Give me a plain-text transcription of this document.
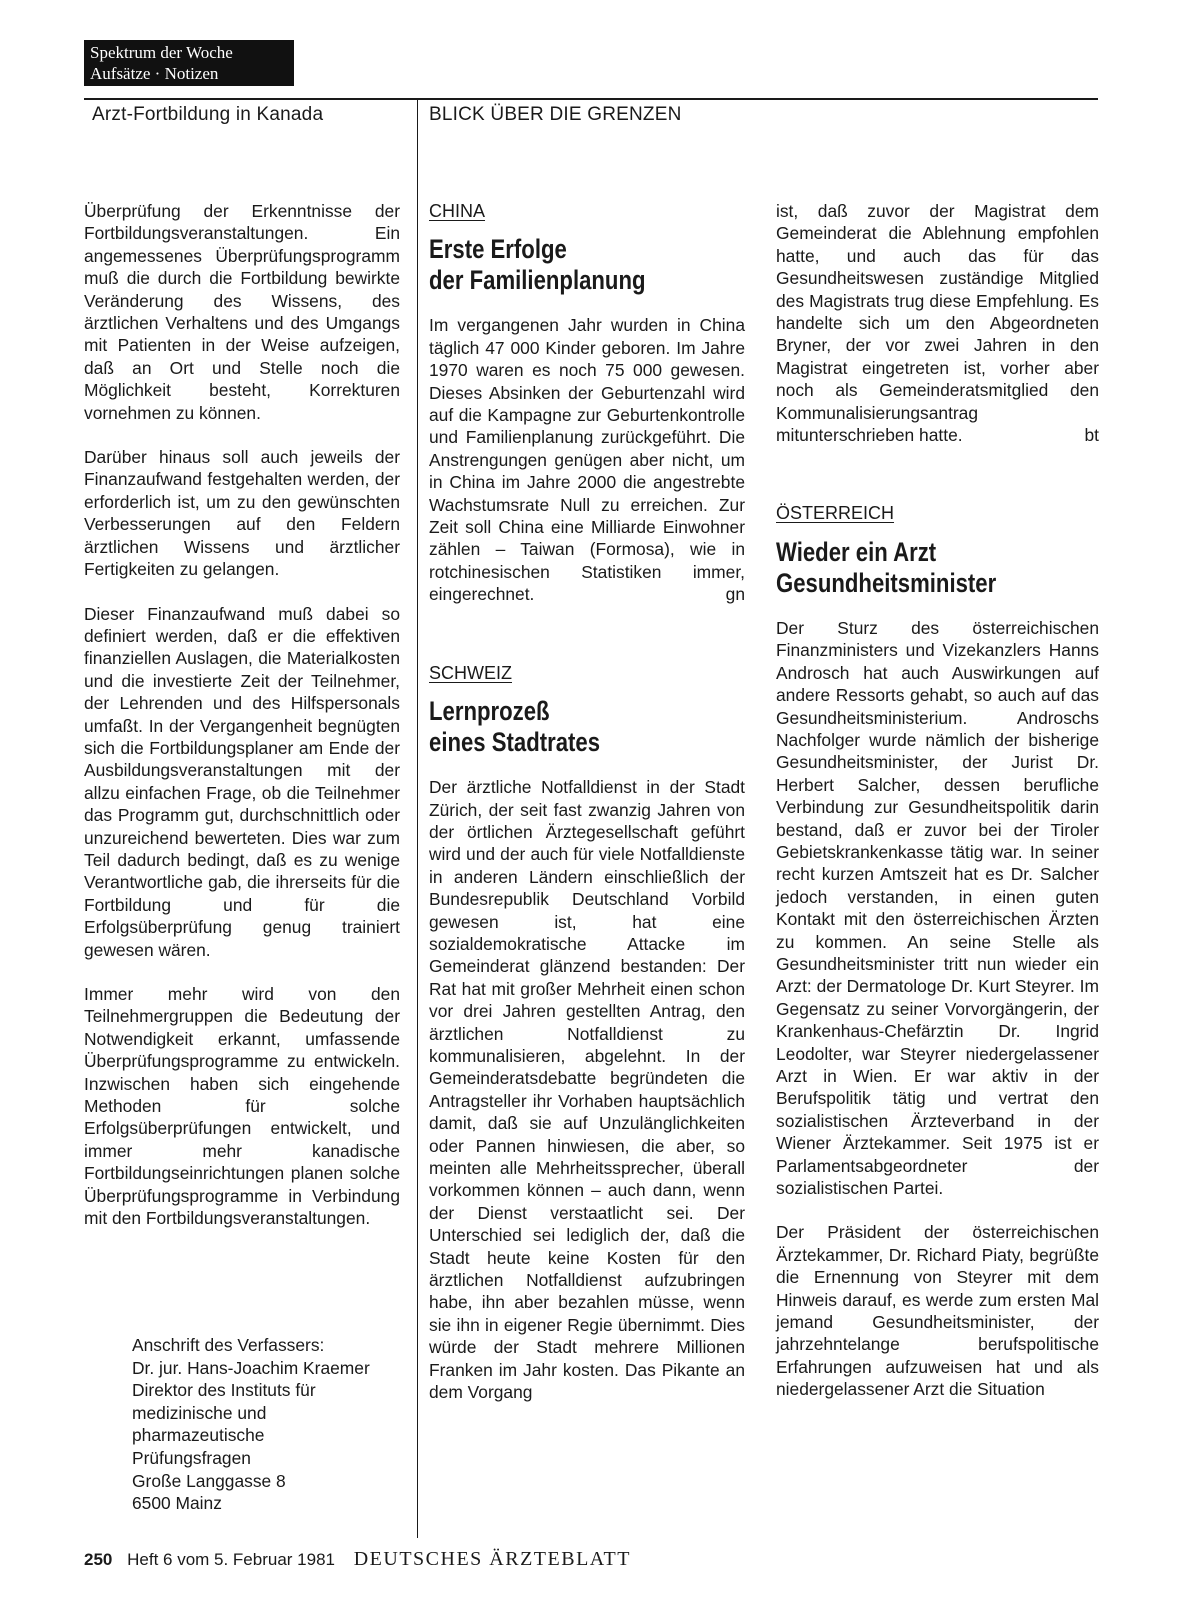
Spektrum der Woche
Aufsätze · Notizen
Arzt-Fortbildung in Kanada	BLICK ÜBER DIE GRENZEN

Überprüfung der Erkenntnisse der Fortbildungsveranstaltungen. Ein angemessenes Überprüfungsprogramm muß die durch die Fortbildung bewirkte Veränderung des Wissens, des ärztlichen Verhaltens und des Umgangs mit Patienten in der Weise aufzeigen, daß an Ort und Stelle noch die Möglichkeit besteht, Korrekturen vornehmen zu können.

Darüber hinaus soll auch jeweils der Finanzaufwand festgehalten werden, der erforderlich ist, um zu den gewünschten Verbesserungen auf den Feldern ärztlichen Wissens und ärztlicher Fertigkeiten zu gelangen.

Dieser Finanzaufwand muß dabei so definiert werden, daß er die effektiven finanziellen Auslagen, die Materialkosten und die investierte Zeit der Teilnehmer, der Lehrenden und des Hilfspersonals umfaßt. In der Vergangenheit begnügten sich die Fortbildungsplaner am Ende der Ausbildungsveranstaltungen mit der allzu einfachen Frage, ob die Teilnehmer das Programm gut, durchschnittlich oder unzureichend bewerteten. Dies war zum Teil dadurch bedingt, daß es zu wenige Verantwortliche gab, die ihrerseits für die Fortbildung und für die Erfolgsüberprüfung genug trainiert gewesen wären.

Immer mehr wird von den Teilnehmergruppen die Bedeutung der Notwendigkeit erkannt, umfassende Überprüfungsprogramme zu entwickeln. Inzwischen haben sich eingehende Methoden für solche Erfolgsüberprüfungen entwickelt, und immer mehr kanadische Fortbildungseinrichtungen planen solche Überprüfungsprogramme in Verbindung mit den Fortbildungsveranstaltungen.

Anschrift des Verfassers:
Dr. jur. Hans-Joachim Kraemer
Direktor des Instituts für
medizinische und
pharmazeutische
Prüfungsfragen
Große Langgasse 8
6500 Mainz
CHINA
Erste Erfolge
der Familienplanung

Im vergangenen Jahr wurden in China täglich 47 000 Kinder geboren. Im Jahre 1970 waren es noch 75 000 gewesen. Dieses Absinken der Geburtenzahl wird auf die Kampagne zur Geburtenkontrolle und Familienplanung zurückgeführt. Die Anstrengungen genügen aber nicht, um in China im Jahre 2000 die angestrebte Wachstumsrate Null zu erreichen. Zur Zeit soll China eine Milliarde Einwohner zählen – Taiwan (Formosa), wie in rotchinesischen Statistiken immer, eingerechnet.	gn

SCHWEIZ
Lernprozeß
eines Stadtrates

Der ärztliche Notfalldienst in der Stadt Zürich, der seit fast zwanzig Jahren von der örtlichen Ärztegesellschaft geführt wird und der auch für viele Notfalldienste in anderen Ländern einschließlich der Bundesrepublik Deutschland Vorbild gewesen ist, hat eine sozialdemokratische Attacke im Gemeinderat glänzend bestanden: Der Rat hat mit großer Mehrheit einen schon vor drei Jahren gestellten Antrag, den ärztlichen Notfalldienst zu kommunalisieren, abgelehnt. In der Gemeinderatsdebatte begründeten die Antragsteller ihr Vorhaben hauptsächlich damit, daß sie auf Unzulänglichkeiten oder Pannen hinwiesen, die aber, so meinten alle Mehrheitssprecher, überall vorkommen können – auch dann, wenn der Dienst verstaatlicht sei. Der Unterschied sei lediglich der, daß die Stadt heute keine Kosten für den ärztlichen Notfalldienst aufzubringen habe, ihn aber bezahlen müsse, wenn sie ihn in eigener Regie übernimmt. Dies würde der Stadt mehrere Millionen Franken im Jahr kosten. Das Pikante an dem Vorgang

ist, daß zuvor der Magistrat dem Gemeinderat die Ablehnung empfohlen hatte, und auch das für das Gesundheitswesen zuständige Mitglied des Magistrats trug diese Empfehlung. Es handelte sich um den Abgeordneten Bryner, der vor zwei Jahren in den Magistrat eingetreten ist, vorher aber noch als Gemeinderatsmitglied den Kommunalisierungsantrag mitunterschrieben hatte.	bt

ÖSTERREICH
Wieder ein Arzt
Gesundheitsminister

Der Sturz des österreichischen Finanzministers und Vizekanzlers Hanns Androsch hat auch Auswirkungen auf andere Ressorts gehabt, so auch auf das Gesundheitsministerium. Androschs Nachfolger wurde nämlich der bisherige Gesundheitsminister, der Jurist Dr. Herbert Salcher, dessen berufliche Verbindung zur Gesundheitspolitik darin bestand, daß er zuvor bei der Tiroler Gebietskrankenkasse tätig war. In seiner recht kurzen Amtszeit hat es Dr. Salcher jedoch verstanden, in einen guten Kontakt mit den österreichischen Ärzten zu kommen. An seine Stelle als Gesundheitsminister tritt nun wieder ein Arzt: der Dermatologe Dr. Kurt Steyrer. Im Gegensatz zu seiner Vorvorgängerin, der Krankenhaus-Chefärztin Dr. Ingrid Leodolter, war Steyrer niedergelassener Arzt in Wien. Er war aktiv in der Berufspolitik tätig und vertrat den sozialistischen Ärzteverband in der Wiener Ärztekammer. Seit 1975 ist er Parlamentsabgeordneter der sozialistischen Partei.

Der Präsident der österreichischen Ärztekammer, Dr. Richard Piaty, begrüßte die Ernennung von Steyrer mit dem Hinweis darauf, es werde zum ersten Mal jemand Gesundheitsminister, der jahrzehntelange berufspolitische Erfahrungen aufzuweisen hat und als niedergelassener Arzt die Situation

250 Heft 6 vom 5. Februar 1981 DEUTSCHES ÄRZTEBLATT
